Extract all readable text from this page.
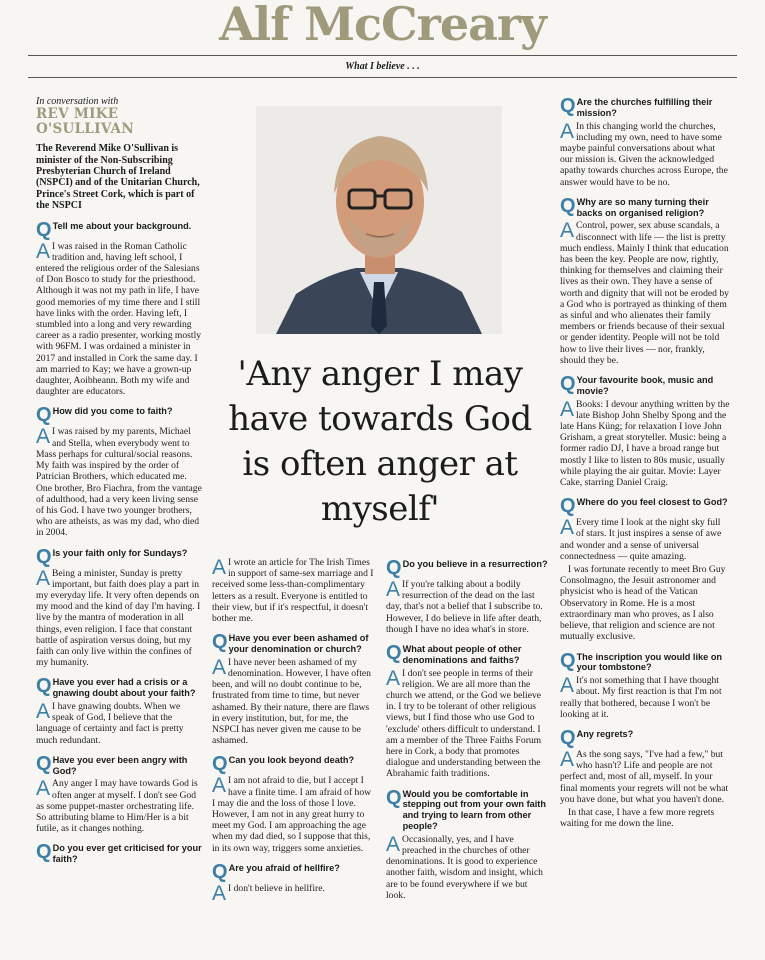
Alf McCreary
What I believe . . .
In conversation with
REV MIKE O'SULLIVAN
The Reverend Mike O'Sullivan is minister of the Non-Subscribing Presbyterian Church of Ireland (NSPCI) and of the Unitarian Church, Prince's Street Cork, which is part of the NSPCI
Q Tell me about your background.

A I was raised in the Roman Catholic tradition and, having left school, I entered the religious order of the Salesians of Don Bosco to study for the priesthood. Although it was not my path in life, I have good memories of my time there and I still have links with the order. Having left, I stumbled into a long and very rewarding career as a radio presenter, working mostly with 96FM. I was ordained a minister in 2017 and installed in Cork the same day. I am married to Kay; we have a grown-up daughter, Aoibheann. Both my wife and daughter are educators.

Q How did you come to faith?

A I was raised by my parents, Michael and Stella, when everybody went to Mass perhaps for cultural/social reasons. My faith was inspired by the order of Patrician Brothers, which educated me. One brother, Bro Fiachra, from the vantage of adulthood, had a very keen living sense of his God. I have two younger brothers, who are atheists, as was my dad, who died in 2004.

Q Is your faith only for Sundays?

A Being a minister, Sunday is pretty important, but faith does play a part in my everyday life. It very often depends on my mood and the kind of day I'm having. I live by the mantra of moderation in all things, even religion. I face that constant battle of aspiration versus doing, but my faith can only live within the confines of my humanity.

Q Have you ever had a crisis or a gnawing doubt about your faith?

A I have gnawing doubts. When we speak of God, I believe that the language of certainty and fact is pretty much redundant.

Q Have you ever been angry with God?

A Any anger I may have towards God is often anger at myself. I don't see God as some puppet-master orchestrating life. So attributing blame to Him/Her is a bit futile, as it changes nothing.

Q Do you ever get criticised for your faith?
'Any anger I may have towards God is often anger at myself'

A I wrote an article for The Irish Times in support of same-sex marriage and I received some less-than-complimentary letters as a result. Everyone is entitled to their view, but if it's respectful, it doesn't bother me.

Q Have you ever been ashamed of your denomination or church?

A I have never been ashamed of my denomination. However, I have often been, and will no doubt continue to be, frustrated from time to time, but never ashamed. By their nature, there are flaws in every institution, but, for me, the NSPCI has never given me cause to be ashamed.

Q Can you look beyond death?

A I am not afraid to die, but I accept I have a finite time. I am afraid of how I may die and the loss of those I love. However, I am not in any great hurry to meet my God. I am approaching the age when my dad died, so I suppose that this, in its own way, triggers some anxieties.

Q Are you afraid of hellfire?

A I don't believe in hellfire.

Q Do you believe in a resurrection?

A If you're talking about a bodily resurrection of the dead on the last day, that's not a belief that I subscribe to. However, I do believe in life after death, though I have no idea what's in store.

Q What about people of other denominations and faiths?

A I don't see people in terms of their religion. We are all more than the church we attend, or the God we believe in. I try to be tolerant of other religious views, but I find those who use God to 'exclude' others difficult to understand. I am a member of the Three Faiths Forum here in Cork, a body that promotes dialogue and understanding between the Abrahamic faith traditions.

Q Would you be comfortable in stepping out from your own faith and trying to learn from other people?

A Occasionally, yes, and I have preached in the churches of other denominations. It is good to experience another faith, wisdom and insight, which are to be found everywhere if we but look.

Q Are the churches fulfilling their mission?

A In this changing world the churches, including my own, need to have some maybe painful conversations about what our mission is. Given the acknowledged apathy towards churches across Europe, the answer would have to be no.

Q Why are so many turning their backs on organised religion?

A Control, power, sex abuse scandals, a disconnect with life — the list is pretty much endless. Mainly I think that education has been the key. People are now, rightly, thinking for themselves and claiming their lives as their own. They have a sense of worth and dignity that will not be eroded by a God who is portrayed as thinking of them as sinful and who alienates their family members or friends because of their sexual or gender identity. People will not be told how to live their lives — nor, frankly, should they be.

Q Your favourite book, music and movie?

A Books: I devour anything written by the late Bishop John Shelby Spong and the late Hans Küng; for relaxation I love John Grisham, a great storyteller. Music: being a former radio DJ, I have a broad range but mostly I like to listen to 80s music, usually while playing the air guitar. Movie: Layer Cake, starring Daniel Craig.

Q Where do you feel closest to God?

A Every time I look at the night sky full of stars. It just inspires a sense of awe and wonder and a sense of universal connectedness — quite amazing.

I was fortunate recently to meet Bro Guy Consolmagno, the Jesuit astronomer and physicist who is head of the Vatican Observatory in Rome. He is a most extraordinary man who proves, as I also believe, that religion and science are not mutually exclusive.

Q The inscription you would like on your tombstone?

A It's not something that I have thought about. My first reaction is that I'm not really that bothered, because I won't be looking at it.

Q Any regrets?

A As the song says, "I've had a few," but who hasn't? Life and people are not perfect and, most of all, myself. In your final moments your regrets will not be what you have done, but what you haven't done.

In that case, I have a few more regrets waiting for me down the line.
